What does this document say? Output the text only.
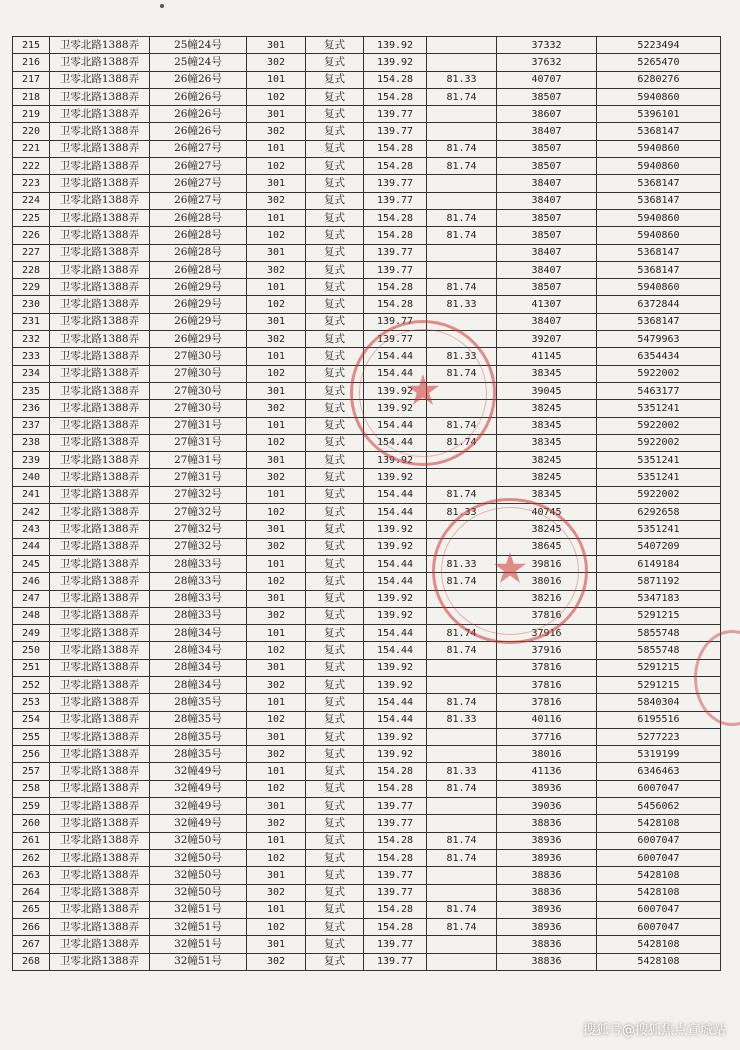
215	卫零北路1388弄	25幢24号	301	复式	139.92		37332	5223494
216	卫零北路1388弄	25幢24号	302	复式	139.92		37632	5265470
217	卫零北路1388弄	26幢26号	101	复式	154.28	81.33	40707	6280276
218	卫零北路1388弄	26幢26号	102	复式	154.28	81.74	38507	5940860
219	卫零北路1388弄	26幢26号	301	复式	139.77		38607	5396101
220	卫零北路1388弄	26幢26号	302	复式	139.77		38407	5368147
221	卫零北路1388弄	26幢27号	101	复式	154.28	81.74	38507	5940860
222	卫零北路1388弄	26幢27号	102	复式	154.28	81.74	38507	5940860
223	卫零北路1388弄	26幢27号	301	复式	139.77		38407	5368147
224	卫零北路1388弄	26幢27号	302	复式	139.77		38407	5368147
225	卫零北路1388弄	26幢28号	101	复式	154.28	81.74	38507	5940860
226	卫零北路1388弄	26幢28号	102	复式	154.28	81.74	38507	5940860
227	卫零北路1388弄	26幢28号	301	复式	139.77		38407	5368147
228	卫零北路1388弄	26幢28号	302	复式	139.77		38407	5368147
229	卫零北路1388弄	26幢29号	101	复式	154.28	81.74	38507	5940860
230	卫零北路1388弄	26幢29号	102	复式	154.28	81.33	41307	6372844
231	卫零北路1388弄	26幢29号	301	复式	139.77		38407	5368147
232	卫零北路1388弄	26幢29号	302	复式	139.77		39207	5479963
233	卫零北路1388弄	27幢30号	101	复式	154.44	81.33	41145	6354434
234	卫零北路1388弄	27幢30号	102	复式	154.44	81.74	38345	5922002
235	卫零北路1388弄	27幢30号	301	复式	139.92		39045	5463177
236	卫零北路1388弄	27幢30号	302	复式	139.92		38245	5351241
237	卫零北路1388弄	27幢31号	101	复式	154.44	81.74	38345	5922002
238	卫零北路1388弄	27幢31号	102	复式	154.44	81.74	38345	5922002
239	卫零北路1388弄	27幢31号	301	复式	139.92		38245	5351241
240	卫零北路1388弄	27幢31号	302	复式	139.92		38245	5351241
241	卫零北路1388弄	27幢32号	101	复式	154.44	81.74	38345	5922002
242	卫零北路1388弄	27幢32号	102	复式	154.44	81.33	40745	6292658
243	卫零北路1388弄	27幢32号	301	复式	139.92		38245	5351241
244	卫零北路1388弄	27幢32号	302	复式	139.92		38645	5407209
245	卫零北路1388弄	28幢33号	101	复式	154.44	81.33	39816	6149184
246	卫零北路1388弄	28幢33号	102	复式	154.44	81.74	38016	5871192
247	卫零北路1388弄	28幢33号	301	复式	139.92		38216	5347183
248	卫零北路1388弄	28幢33号	302	复式	139.92		37816	5291215
249	卫零北路1388弄	28幢34号	101	复式	154.44	81.74	37916	5855748
250	卫零北路1388弄	28幢34号	102	复式	154.44	81.74	37916	5855748
251	卫零北路1388弄	28幢34号	301	复式	139.92		37816	5291215
252	卫零北路1388弄	28幢34号	302	复式	139.92		37816	5291215
253	卫零北路1388弄	28幢35号	101	复式	154.44	81.74	37816	5840304
254	卫零北路1388弄	28幢35号	102	复式	154.44	81.33	40116	6195516
255	卫零北路1388弄	28幢35号	301	复式	139.92		37716	5277223
256	卫零北路1388弄	28幢35号	302	复式	139.92		38016	5319199
257	卫零北路1388弄	32幢49号	101	复式	154.28	81.33	41136	6346463
258	卫零北路1388弄	32幢49号	102	复式	154.28	81.74	38936	6007047
259	卫零北路1388弄	32幢49号	301	复式	139.77		39036	5456062
260	卫零北路1388弄	32幢49号	302	复式	139.77		38836	5428108
261	卫零北路1388弄	32幢50号	101	复式	154.28	81.74	38936	6007047
262	卫零北路1388弄	32幢50号	102	复式	154.28	81.74	38936	6007047
263	卫零北路1388弄	32幢50号	301	复式	139.77		38836	5428108
264	卫零北路1388弄	32幢50号	302	复式	139.77		38836	5428108
265	卫零北路1388弄	32幢51号	101	复式	154.28	81.74	38936	6007047
266	卫零北路1388弄	32幢51号	102	复式	154.28	81.74	38936	6007047
267	卫零北路1388弄	32幢51号	301	复式	139.77		38836	5428108
268	卫零北路1388弄	32幢51号	302	复式	139.77		38836	5428108
★
★
搜狐号@搜狐焦点宣城站
